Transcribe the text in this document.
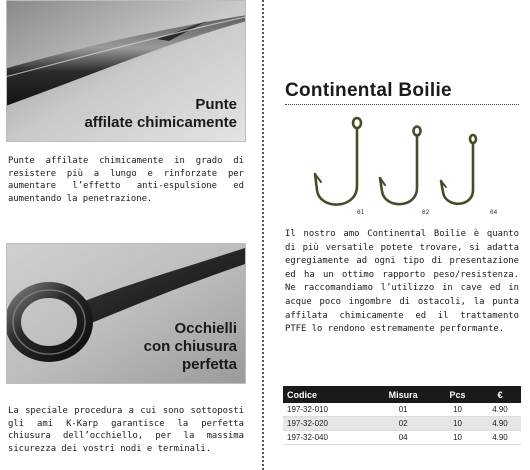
Punte
affilate chimicamente

Punte affilate chimicamente in grado di resistere più a lungo e rinforzate per aumentare l’effetto anti-espulsione ed aumentando la penetrazione.

Occhielli
con chiusura
perfetta

La speciale procedura a cui sono sottoposti gli ami K-Karp garantisce la perfetta chiusura dell’occhiello, per la massima sicurezza dei vostri nodi e terminali.

Continental Boilie
01	02	04

Il nostro amo Continental Boilie è quanto di più versatile potete trovare, si adatta egregiamente ad ogni tipo di presentazione ed ha un ottimo rapporto peso/resistenza. Ne raccomandiamo l’utilizzo in cave ed in acque poco ingombre di ostacoli, la punta affilata chimicamente ed il trattamento PTFE lo rendono estremamente performante.

Codice	Misura	Pcs	€
197-32-010	01	10	4.90
197-32-020	02	10	4.90
197-32-040	04	10	4.90
